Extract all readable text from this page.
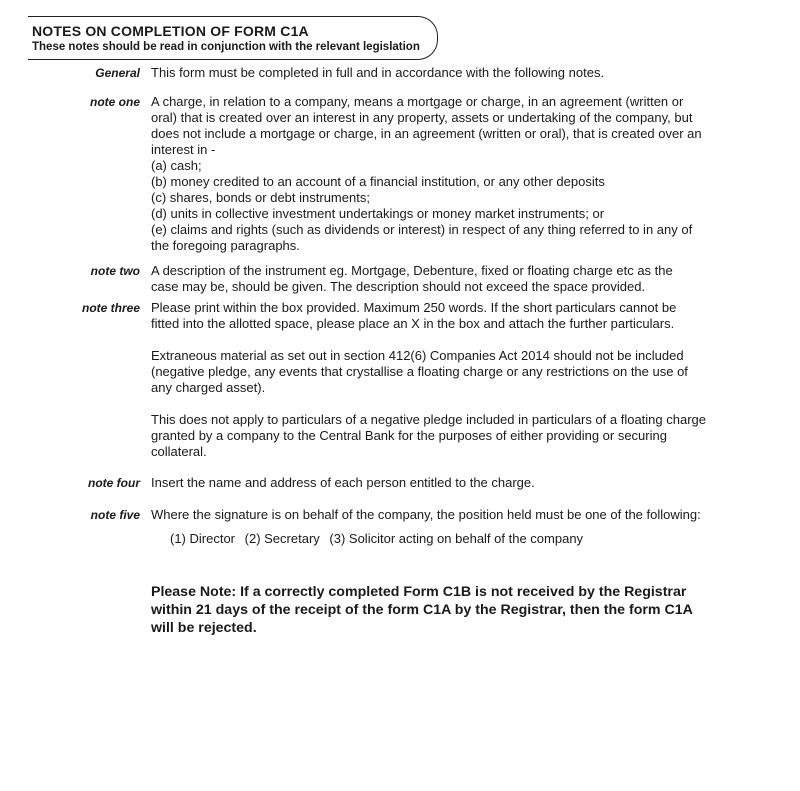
NOTES ON COMPLETION OF FORM C1A
These notes should be read in conjunction with the relevant legislation
General This form must be completed in full and in accordance with the following notes.
note one A charge, in relation to a company, means a mortgage or charge, in an agreement (written or
oral) that is created over an interest in any property, assets or undertaking of the company, but
does not include a mortgage or charge, in an agreement (written or oral), that is created over an
interest in -
(a) cash;
(b) money credited to an account of a financial institution, or any other deposits
(c) shares, bonds or debt instruments;
(d) units in collective investment undertakings or money market instruments; or
(e) claims and rights (such as dividends or interest) in respect of any thing referred to in any of
the foregoing paragraphs.
note two A description of the instrument eg. Mortgage, Debenture, fixed or floating charge etc as the
case may be, should be given. The description should not exceed the space provided.
note three Please print within the box provided. Maximum 250 words. If the short particulars cannot be
fitted into the allotted space, please place an X in the box and attach the further particulars.

Extraneous material as set out in section 412(6) Companies Act 2014 should not be included
(negative pledge, any events that crystallise a floating charge or any restrictions on the use of
any charged asset).

This does not apply to particulars of a negative pledge included in particulars of a floating charge
granted by a company to the Central Bank for the purposes of either providing or securing
collateral.

note four Insert the name and address of each person entitled to the charge.
note five Where the signature is on behalf of the company, the position held must be one of the following:
(1) Director (2) Secretary (3) Solicitor acting on behalf of the company
Please Note: If a correctly completed Form C1B is not received by the Registrar
within 21 days of the receipt of the form C1A by the Registrar, then the form C1A
will be rejected.
